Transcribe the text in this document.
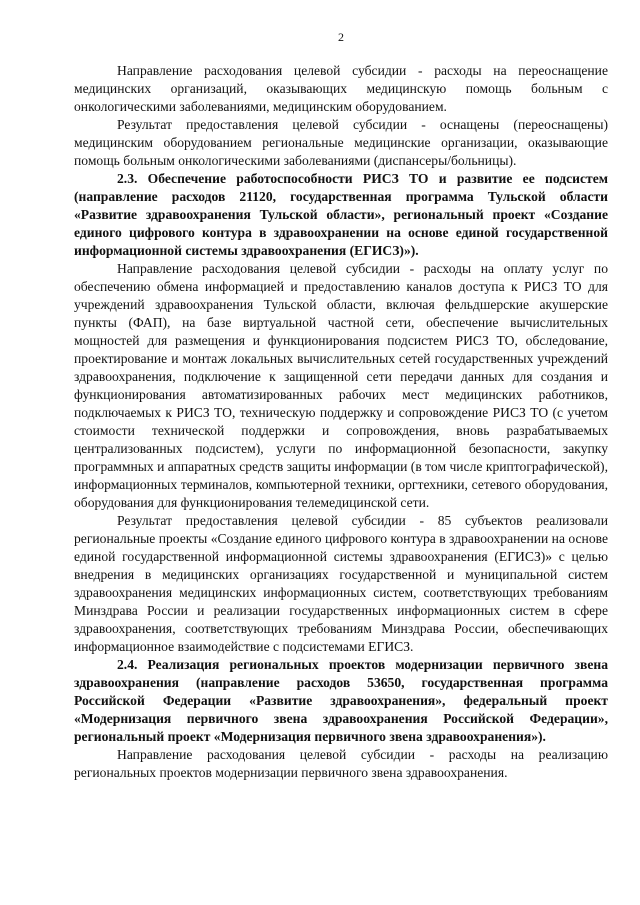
2

Направление расходования целевой субсидии - расходы на переоснащение медицинских организаций, оказывающих медицинскую помощь больным с онкологическими заболеваниями, медицинским оборудованием.

Результат предоставления целевой субсидии - оснащены (переоснащены) медицинским оборудованием региональные медицинские организации, оказывающие помощь больным онкологическими заболеваниями (диспансеры/больницы).

2.3. Обеспечение работоспособности РИСЗ ТО и развитие ее подсистем (направление расходов 21120, государственная программа Тульской области «Развитие здравоохранения Тульской области», региональный проект «Создание единого цифрового контура в здравоохранении на основе единой государственной информационной системы здравоохранения (ЕГИСЗ)»).

Направление расходования целевой субсидии - расходы на оплату услуг по обеспечению обмена информацией и предоставлению каналов доступа к РИСЗ ТО для учреждений здравоохранения Тульской области, включая фельдшерские акушерские пункты (ФАП), на базе виртуальной частной сети, обеспечение вычислительных мощностей для размещения и функционирования подсистем РИСЗ ТО, обследование, проектирование и монтаж локальных вычислительных сетей государственных учреждений здравоохранения, подключение к защищенной сети передачи данных для создания и функционирования автоматизированных рабочих мест медицинских работников, подключаемых к РИСЗ ТО, техническую поддержку и сопровождение РИСЗ ТО (с учетом стоимости технической поддержки и сопровождения, вновь разрабатываемых централизованных подсистем), услуги по информационной безопасности, закупку программных и аппаратных средств защиты информации (в том числе криптографической), информационных терминалов, компьютерной техники, оргтехники, сетевого оборудования, оборудования для функционирования телемедицинской сети.

Результат предоставления целевой субсидии - 85 субъектов реализовали региональные проекты «Создание единого цифрового контура в здравоохранении на основе единой государственной информационной системы здравоохранения (ЕГИСЗ)» с целью внедрения в медицинских организациях государственной и муниципальной систем здравоохранения медицинских информационных систем, соответствующих требованиям Минздрава России и реализации государственных информационных систем в сфере здравоохранения, соответствующих требованиям Минздрава России, обеспечивающих информационное взаимодействие с подсистемами ЕГИСЗ.

2.4. Реализация региональных проектов модернизации первичного звена здравоохранения (направление расходов 53650, государственная программа Российской Федерации «Развитие здравоохранения», федеральный проект «Модернизация первичного звена здравоохранения Российской Федерации», региональный проект «Модернизация первичного звена здравоохранения»).

Направление расходования целевой субсидии - расходы на реализацию региональных проектов модернизации первичного звена здравоохранения.
